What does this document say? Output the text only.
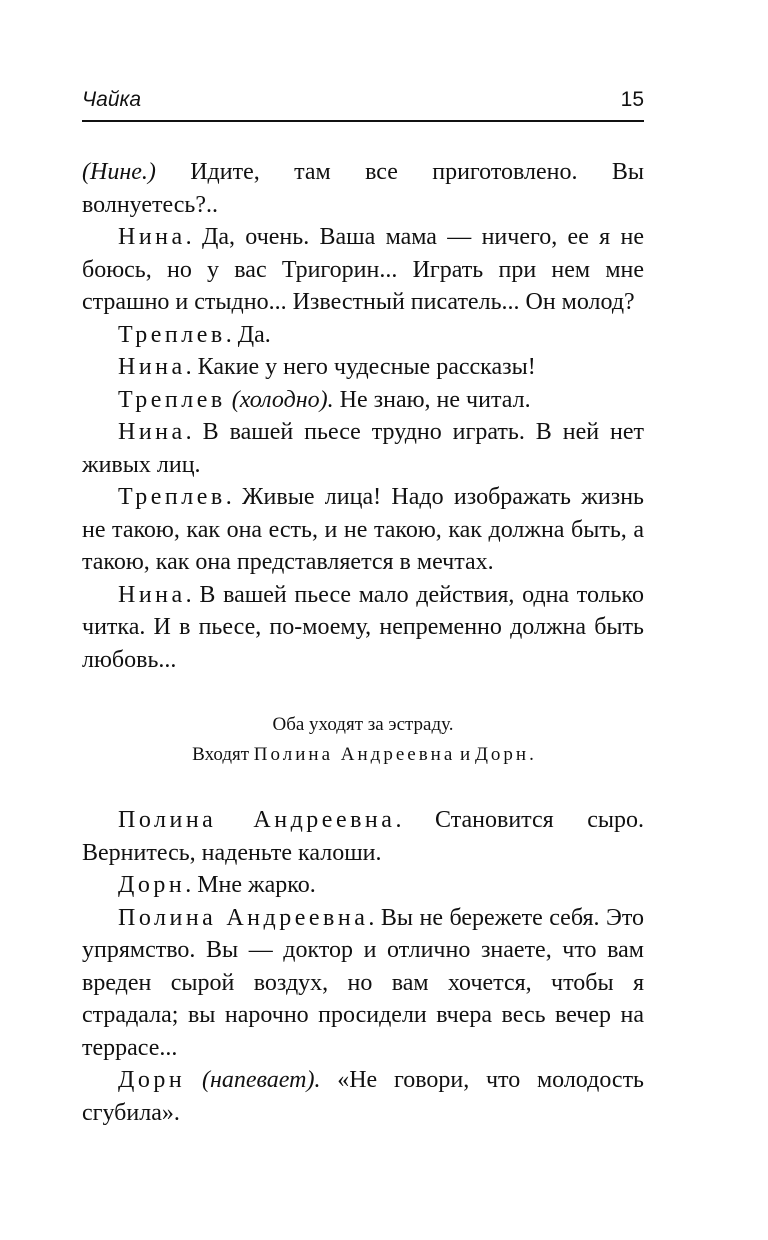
Чайка	15

(Нине.) Идите, там все приготовлено. Вы волнуетесь?..

Нина. Да, очень. Ваша мама — ничего, ее я не боюсь, но у вас Тригорин... Играть при нем мне страшно и стыдно... Известный писатель... Он молод?

Треплев. Да.

Нина. Какие у него чудесные рассказы!

Треплев (холодно). Не знаю, не читал.

Нина. В вашей пьесе трудно играть. В ней нет живых лиц.

Треплев. Живые лица! Надо изображать жизнь не такою, как она есть, и не такою, как должна быть, а такою, как она представляется в мечтах.

Нина. В вашей пьесе мало действия, одна только читка. И в пьесе, по-моему, непременно должна быть любовь...

Оба уходят за эстраду.
Входят Полина Андреевна и Дорн.

Полина Андреевна. Становится сыро. Вернитесь, наденьте калоши.

Дорн. Мне жарко.

Полина Андреевна. Вы не бережете себя. Это упрямство. Вы — доктор и отлично знаете, что вам вреден сырой воздух, но вам хочется, чтобы я страдала; вы нарочно просидели вчера весь вечер на террасе...

Дорн (напевает). «Не говори, что молодость сгубила».
